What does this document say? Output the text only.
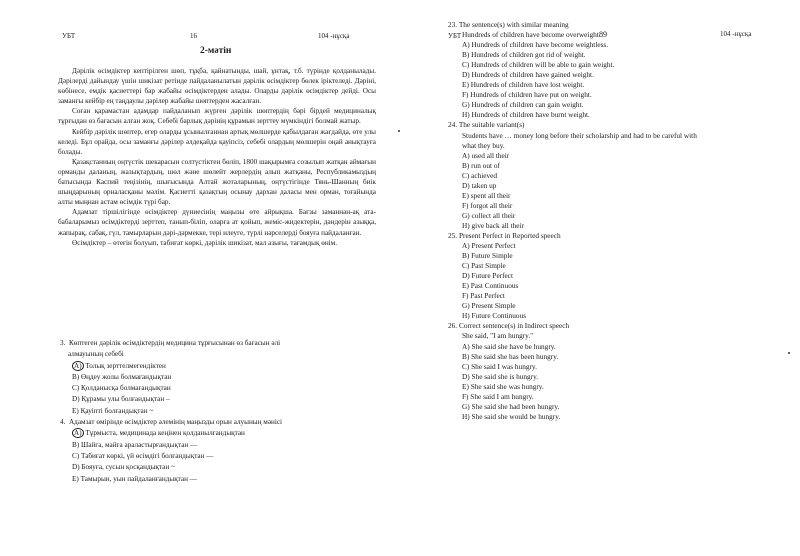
УБТ	16	104 -нұсқа
2-мәтін

Дәрілік өсімдіктер кептірілген шөп, тұқба, қайнатынды, шай, ұнтақ, т.б. түрінде қолданылады. Дәрілерді дайындау үшін шикізат ретінде пайдаланылатын дәрілік өсімдіктер бөлек іріктеледі. Дәріні, көбінесе, емдік қасиеттері бар жабайы өсімдіктерден алады. Оларды дәрілік өсімдіктер дейді. Осы заманғы кейбір ең таңдаулы дәрілер жабайы шөптерден жасалған.

Соған қарамастан адамдар пайдаланып жүрген дәрілік шөптердің бәрі бірдей медициналық тұрғыдан өз бағасын алған жоқ. Себебі барлық дәрінің құрамын зерттеу мүмкіндігі болмай жатыр.

Кейбір дәрілік шөптер, егер оларды ұсынылғаннан артық мөлшерде қабылдаған жағдайда, өте улы келеді. Бұл орайда, осы заманғы дәрілер әлдеқайда қауіпсіз, себебі олардың мөлшерін оңай анықтауға болады.

Қазақстанның оңтүстік шекарасын солтүстіктен бөліп, 1800 шақырымға созылып жатқан аймағын орманды даланың, жазықтардың, шөл және шөлейт жерлердің алып жатқаны, Республикамыздың батысында Каспий теңізінің, шығысында Алтай жоталарының, оңтүстігінде Тянь-Шанның биік шыңдарының орналасқаны мәлім. Қасиетті қазақтың осынау дархан даласы мен орман, тоғайында алты мыңнан астам өсімдік түрі бар.

Адамзат тіршілігінде өсімдіктер дүниесінің маңызы өте айрықша. Бағзы заманнан-ақ ата-бабаларымыз өсімдіктерді зерттеп, танып-біліп, оларға ат қойып, жеміс-жидектерін, дәндерін азыққа, жапырақ, сабақ, гүл, тамырларын дәрі-дәрмекке, тері илеуге, түрлі нәрселерді бояуға пайдаланған.

Өсімдіктер – өтеғін болуып, табиғат көркі, дәрілік шикізат, мал азығы, тағамдық өнім.

3. Көптеген дәрілік өсімдіктердің медицина тұрғысынан өз бағасын әлі
алмауының себебі
A) Толық зерттелмегендіктен
B) Өңдеу жолы болмағандықтан
C) Қолданысқа болмағандықтан
D) Құрамы улы болғандықтан –
E) Қауіпті болғандықтан ~
4. Адамзат өмірінде өсімдіктер әлемінің маңызды орын алуының мәнісі
A) Тұрмыста, медицинада кеңінен қолданылғандықтан
B) Шайға, майға араластырғандықтан —
C) Табиғат көркі, үй өсімдігі болғандықтан —
D) Бояуға, сусын қосқандықтан ~
E) Тамырын, уын пайдаланғандықтан —
УБТ	89	104 -нұсқа
23. The sentence(s) with similar meaning
Hundreds of children have become overweight.
A) Hundreds of children have become weightless.
B) Hundreds of children got rid of weight.
C) Hundreds of children will be able to gain weight.
D) Hundreds of children have gained weight.
E) Hundreds of children have lost weight.
F) Hundreds of children have put on weight.
G) Hundreds of children can gain weight.
H) Hundreds of children have burnt weight.
24. The suitable variant(s)
Students have … money long before their scholarship and had to be careful with
what they buy.
A) used all their
B) run out of
C) achieved
D) taken up
E) spent all their
F) forgot all their
G) collect all their
H) give back all their
25. Present Perfect in Reported speech
A) Present Perfect
B) Future Simple
C) Past Simple
D) Future Perfect
E) Past Continuous
F) Past Perfect
G) Present Simple
H) Future Continuous
26. Correct sentence(s) in Indirect speech
She said, "I am hungry."
A) She said she have be hungry.
B) She said she has been hungry.
C) She said I was hungry.
D) She said she is hungry.
E) She said she was hungry.
F) She said I am hungry.
G) She said she had been hungry.
H) She said she would be hungry.
